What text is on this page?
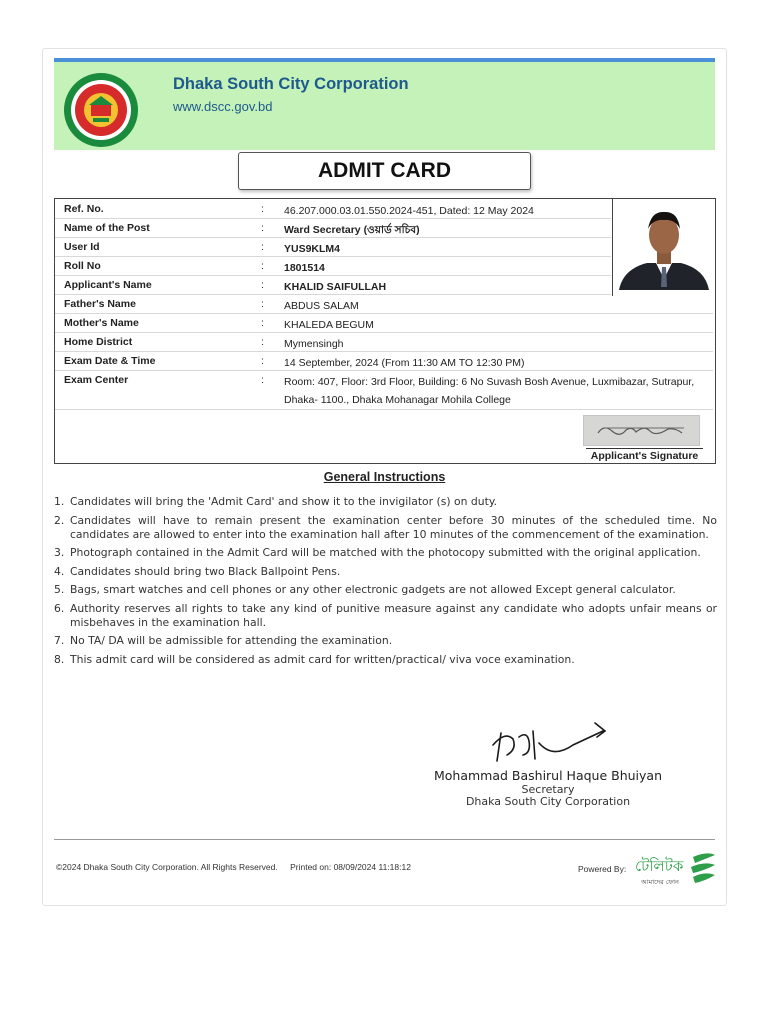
Dhaka South City Corporation
www.dscc.gov.bd
ADMIT CARD
Ref. No.	: 46.207.000.03.01.550.2024-451, Dated: 12 May 2024
Name of the Post	: Ward Secretary (ওয়ার্ড সচিব)
User Id	: YUS9KLM4
Roll No	: 1801514
Applicant's Name	: KHALID SAIFULLAH
Father's Name	: ABDUS SALAM
Mother's Name	: KHALEDA BEGUM
Home District	: Mymensingh
Exam Date & Time	: 14 September, 2024 (From 11:30 AM TO 12:30 PM)
Exam Center	: Room: 407, Floor: 3rd Floor, Building: 6 No Suvash Bosh Avenue, Luxmibazar, Sutrapur, Dhaka- 1100., Dhaka Mohanagar Mohila College
Applicant's Signature
General Instructions
1. Candidates will bring the 'Admit Card' and show it to the invigilator (s) on duty.
2. Candidates will have to remain present the examination center before 30 minutes of the scheduled time. No candidates are allowed to enter into the examination hall after 10 minutes of the commencement of the examination.
3. Photograph contained in the Admit Card will be matched with the photocopy submitted with the original application.
4. Candidates should bring two Black Ballpoint Pens.
5. Bags, smart watches and cell phones or any other electronic gadgets are not allowed Except general calculator.
6. Authority reserves all rights to take any kind of punitive measure against any candidate who adopts unfair means or misbehaves in the examination hall.
7. No TA/ DA will be admissible for attending the examination.
8. This admit card will be considered as admit card for written/practical/ viva voce examination.
Mohammad Bashirul Haque Bhuiyan
Secretary
Dhaka South City Corporation
©2024 Dhaka South City Corporation. All Rights Reserved. Printed on: 08/09/2024 11:18:12	Powered By: টেলিটক
আমাদের ফোন
